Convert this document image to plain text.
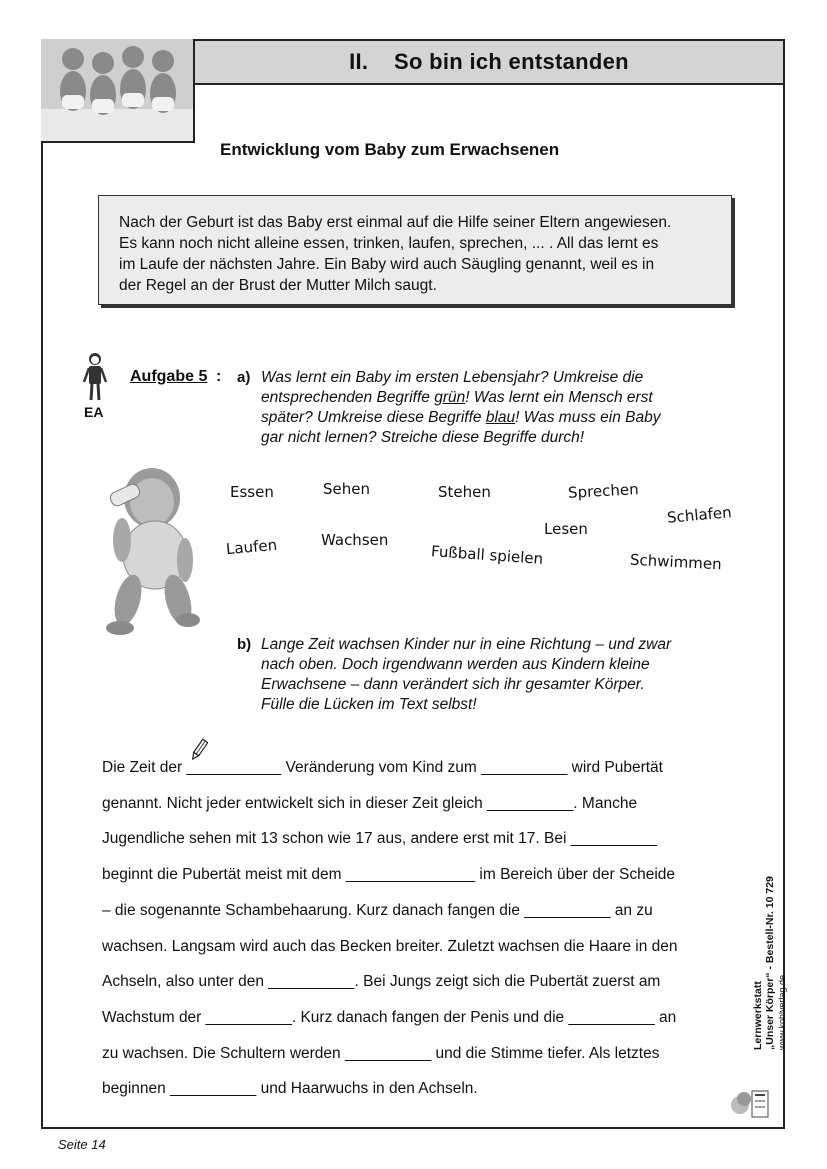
II. So bin ich entstanden
Entwicklung vom Baby zum Erwachsenen

Nach der Geburt ist das Baby erst einmal auf die Hilfe seiner Eltern angewiesen.

Es kann noch nicht alleine essen, trinken, laufen, sprechen, ... . All das lernt es

im Laufe der nächsten Jahre. Ein Baby wird auch Säugling genannt, weil es in

der Regel an der Brust der Mutter Milch saugt.

EA
Aufgabe 5 : a) Was lernt ein Baby im ersten Lebensjahr? Umkreise die
entsprechenden Begriffe grün! Was lernt ein Mensch erst
später? Umkreise diese Begriffe blau! Was muss ein Baby
gar nicht lernen? Streiche diese Begriffe durch!
Essen	Sehen	Stehen	Sprechen
Schlafen
Lesen
Laufen	Wachsen
Fußball spielen	Schwimmen
b) Lange Zeit wachsen Kinder nur in eine Richtung – und zwar
nach oben. Doch irgendwann werden aus Kindern kleine
Erwachsene – dann verändert sich ihr gesamter Körper.
Fülle die Lücken im Text selbst!

Die Zeit der ___________ Veränderung vom Kind zum __________ wird Pubertät

genannt. Nicht jeder entwickelt sich in dieser Zeit gleich __________. Manche

Jugendliche sehen mit 13 schon wie 17 aus, andere erst mit 17. Bei __________

beginnt die Pubertät meist mit dem _______________ im Bereich über der Scheide

– die sogenannte Schambehaarung. Kurz danach fangen die __________ an zu

wachsen. Langsam wird auch das Becken breiter. Zuletzt wachsen die Haare in den

Achseln, also unter den __________. Bei Jungs zeigt sich die Pubertät zuerst am

Wachstum der __________. Kurz danach fangen der Penis und die __________ an

zu wachsen. Die Schultern werden __________ und die Stimme tiefer. Als letztes

beginnen __________ und Haarwuchs in den Achseln.

Lernwerkstatt „Unser Körper“ - Bestell-Nr. 10 729 www.kohlverlag.de
Seite 14
